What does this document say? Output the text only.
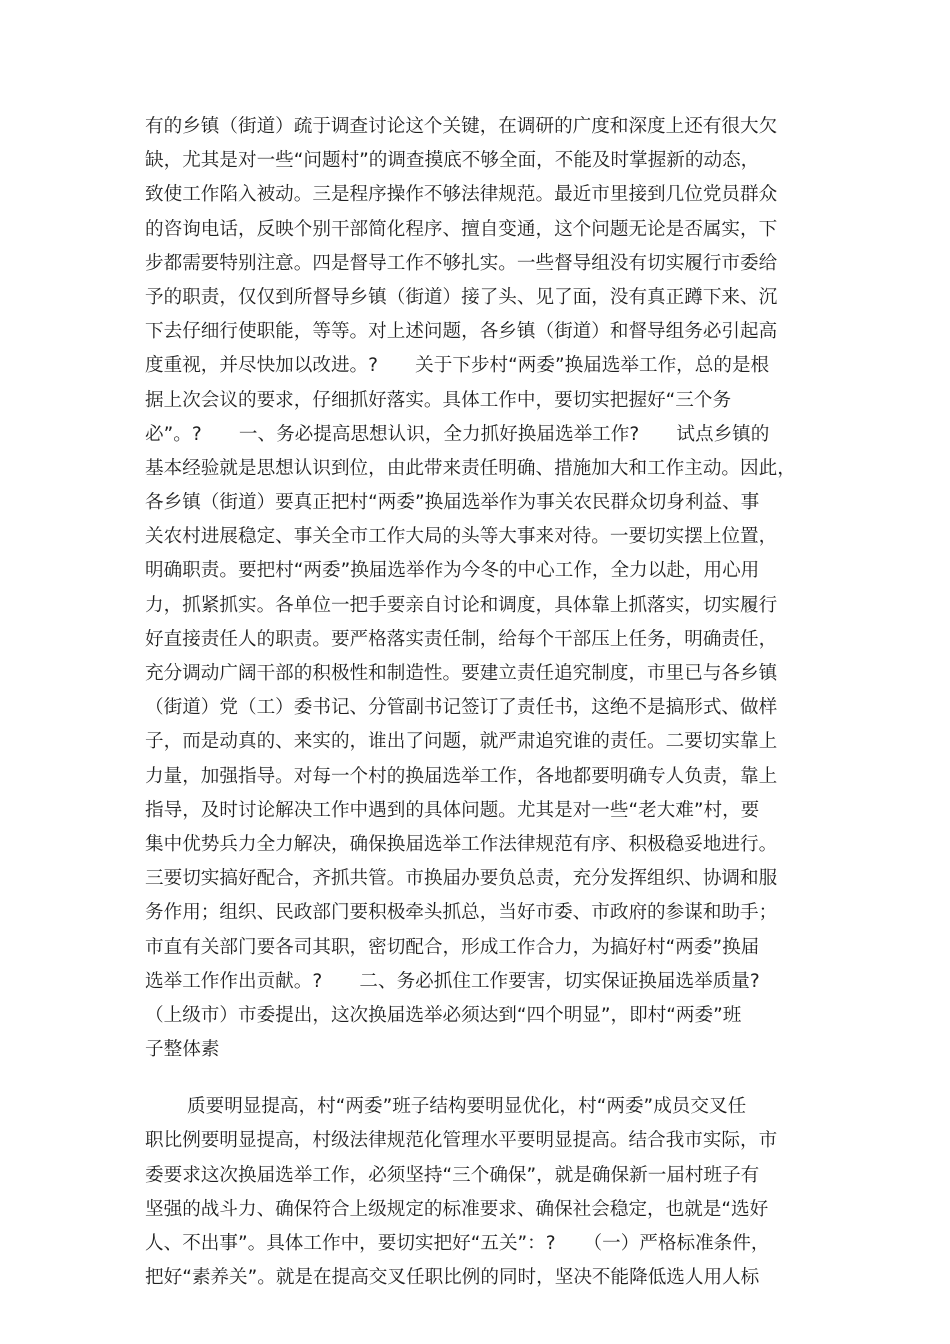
有的乡镇（街道）疏于调查讨论这个关键，在调研的广度和深度上还有很大欠
缺，尤其是对一些“问题村”的调查摸底不够全面，不能及时掌握新的动态，
致使工作陷入被动。三是程序操作不够法律规范。最近市里接到几位党员群众
的咨询电话，反映个别干部简化程序、擅自变通，这个问题无论是否属实，下
步都需要特别注意。四是督导工作不够扎实。一些督导组没有切实履行市委给
予的职责，仅仅到所督导乡镇（街道）接了头、见了面，没有真正蹲下来、沉
下去仔细行使职能，等等。对上述问题，各乡镇（街道）和督导组务必引起高
度重视，并尽快加以改进。?　　关于下步村“两委”换届选举工作，总的是根
据上次会议的要求，仔细抓好落实。具体工作中，要切实把握好“三个务
必”。?　　一、务必提高思想认识，全力抓好换届选举工作?　　试点乡镇的
基本经验就是思想认识到位，由此带来责任明确、措施加大和工作主动。因此，
各乡镇（街道）要真正把村“两委”换届选举作为事关农民群众切身利益、事
关农村进展稳定、事关全市工作大局的头等大事来对待。一要切实摆上位置，
明确职责。要把村“两委”换届选举作为今冬的中心工作，全力以赴，用心用
力，抓紧抓实。各单位一把手要亲自讨论和调度，具体靠上抓落实，切实履行
好直接责任人的职责。要严格落实责任制，给每个干部压上任务，明确责任，
充分调动广阔干部的积极性和制造性。要建立责任追究制度，市里已与各乡镇
（街道）党（工）委书记、分管副书记签订了责任书，这绝不是搞形式、做样
子，而是动真的、来实的，谁出了问题，就严肃追究谁的责任。二要切实靠上
力量，加强指导。对每一个村的换届选举工作，各地都要明确专人负责，靠上
指导，及时讨论解决工作中遇到的具体问题。尤其是对一些“老大难”村，要
集中优势兵力全力解决，确保换届选举工作法律规范有序、积极稳妥地进行。
三要切实搞好配合，齐抓共管。市换届办要负总责，充分发挥组织、协调和服
务作用；组织、民政部门要积极牵头抓总，当好市委、市政府的参谋和助手；
市直有关部门要各司其职，密切配合，形成工作合力，为搞好村“两委”换届
选举工作作出贡献。?　　二、务必抓住工作要害，切实保证换届选举质量?
（上级市）市委提出，这次换届选举必须达到“四个明显”，即村“两委”班
子整体素
质要明显提高，村“两委”班子结构要明显优化，村“两委”成员交叉任
职比例要明显提高，村级法律规范化管理水平要明显提高。结合我市实际，市
委要求这次换届选举工作，必须坚持“三个确保”，就是确保新一届村班子有
坚强的战斗力、确保符合上级规定的标准要求、确保社会稳定，也就是“选好
人、不出事”。具体工作中，要切实把好“五关”：?　　（一）严格标准条件，
把好“素养关”。就是在提高交叉任职比例的同时，坚决不能降低选人用人标
